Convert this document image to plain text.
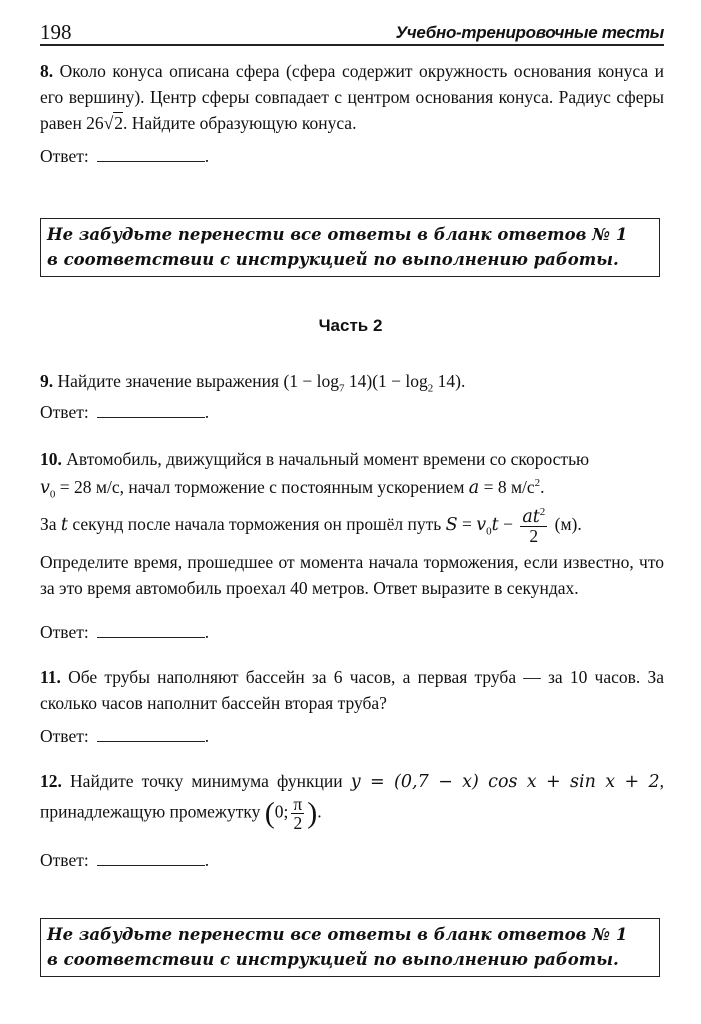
198	Учебно-тренировочные тесты
8. Около конуса описана сфера (сфера содержит окружность основания конуса и его вершину). Центр сферы совпадает с центром основания конуса. Радиус сферы равен 26√2. Найдите образующую конуса.
Ответ:	.
Не забудьте перенести все ответы в бланк ответов № 1
в соответствии с инструкцией по выполнению работы.
Часть 2
9. Найдите значение выражения $(1 - \log_7 14)(1 - \log_2 14)$.
Ответ:	.
10. Автомобиль, движущийся в начальный момент времени со скоростью
$v_0 = 28$ м/с, начал торможение с постоянным ускорением a = 8 $м/с^2$.
За t секунд после начала торможения он прошёл путь $S = v_0t - \frac{at^2}{2} (м)$.
Определите время, прошедшее от момента начала торможения, если известно, что за это время автомобиль проехал 40 метров. Ответ выразите в секундах.
Ответ:	.
11. Обе трубы наполняют бассейн за 6 часов, а первая труба — за 10 часов. За сколько часов наполнит бассейн вторая труба?
Ответ:	.
12. Найдите точку минимума функции y = (0,7 − x) cos x + sin x + 2, принадлежащую промежутку (0; $\frac{\pi}{2}$ ).
Ответ:	.
Не забудьте перенести все ответы в бланк ответов № 1
в соответствии с инструкцией по выполнению работы.
